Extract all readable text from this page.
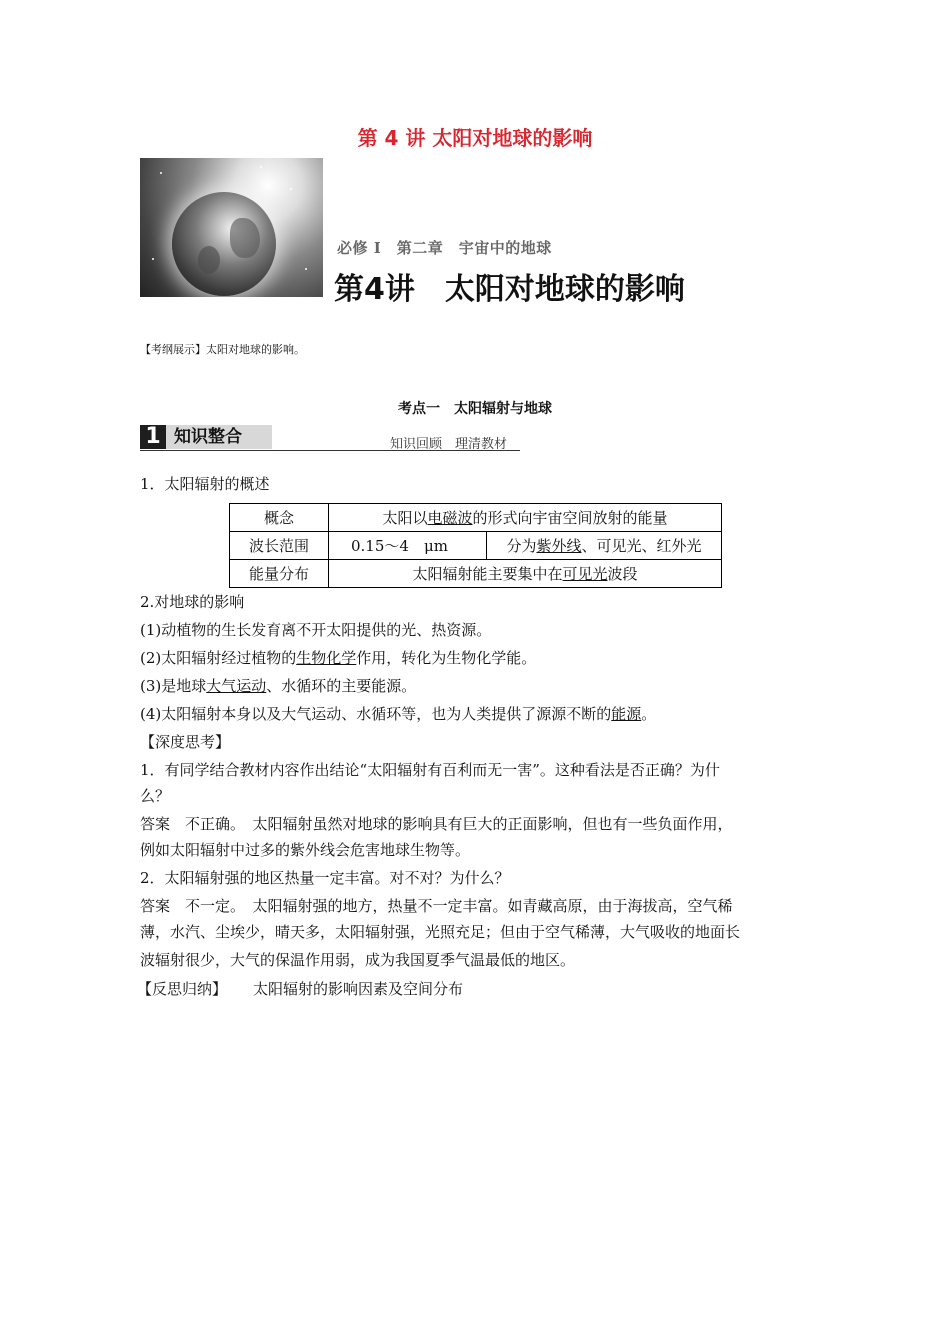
第 4 讲 太阳对地球的影响
必修 I　第二章　宇宙中的地球
第4讲　太阳对地球的影响
【考纲展示】太阳对地球的影响。
考点一　太阳辐射与地球
1 知识整合	知识回顾　理清教材
1．太阳辐射的概述
概念	太阳以电磁波的形式向宇宙空间放射的能量	
波长范围	0.15～4　μm	分为紫外线、可见光、红外光
能量分布	太阳辐射能主要集中在可见光波段	
2.对地球的影响
(1)动植物的生长发育离不开太阳提供的光、热资源。
(2)太阳辐射经过植物的生物化学作用，转化为生物化学能。
(3)是地球大气运动、水循环的主要能源。
(4)太阳辐射本身以及大气运动、水循环等，也为人类提供了源源不断的能源。
【深度思考】
1．有同学结合教材内容作出结论“太阳辐射有百利而无一害”。这种看法是否正确？为什
么？
答案　不正确。　太阳辐射虽然对地球的影响具有巨大的正面影响，但也有一些负面作用，
例如太阳辐射中过多的紫外线会危害地球生物等。
2．太阳辐射强的地区热量一定丰富。对不对？为什么？
答案　不一定。　太阳辐射强的地方，热量不一定丰富。如青藏高原，由于海拔高，空气稀
薄，水汽、尘埃少，晴天多，太阳辐射强，光照充足；但由于空气稀薄，大气吸收的地面长
波辐射很少，大气的保温作用弱，成为我国夏季气温最低的地区。
【反思归纳】 太阳辐射的影响因素及空间分布
